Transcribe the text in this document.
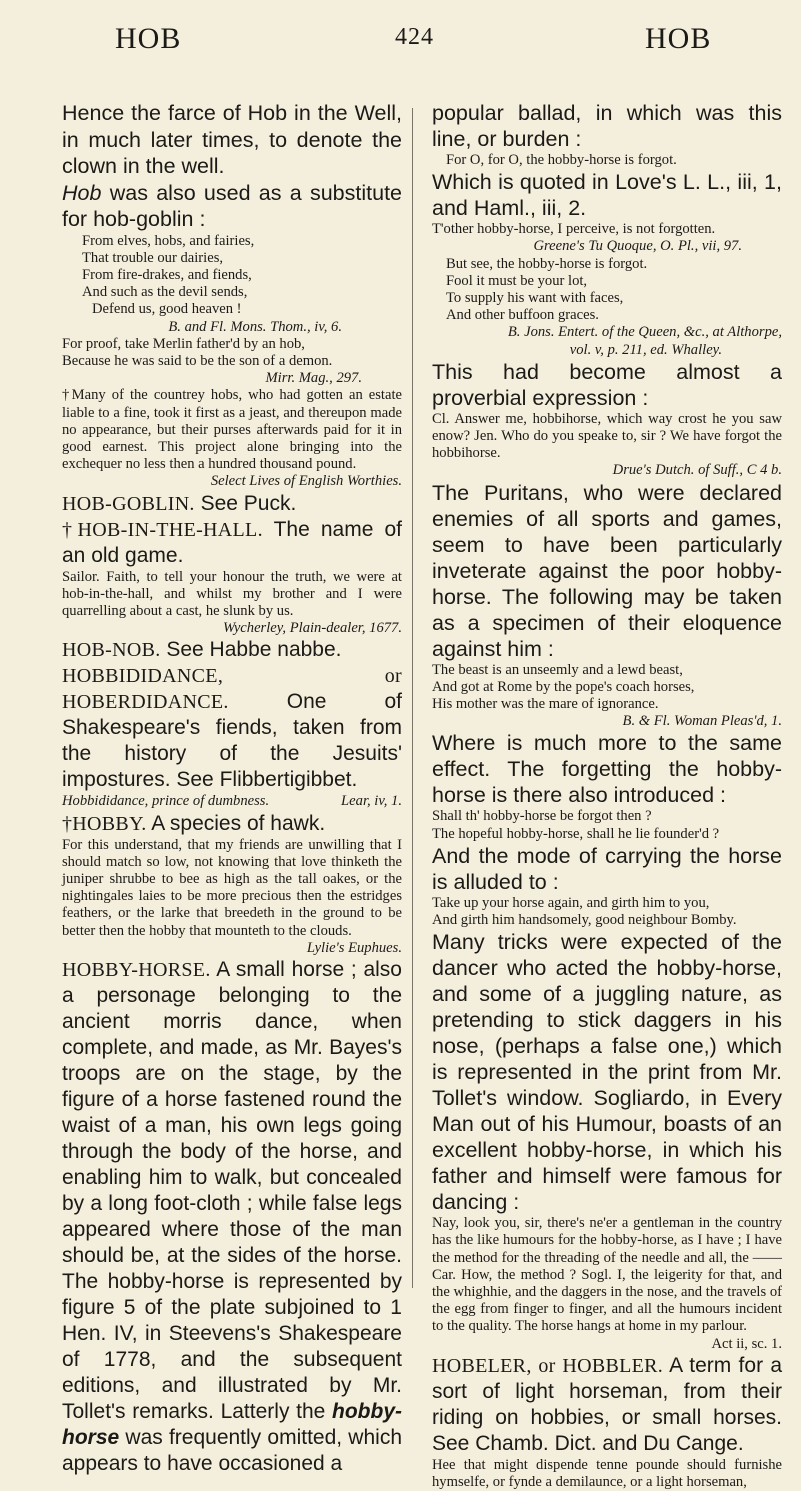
HOB	424	HOB

Hence the farce of Hob in the Well, in much later times, to denote the clown in the well.

Hob was also used as a substitute for hob-goblin :

From elves, hobs, and fairies,
That trouble our dairies,
From fire-drakes, and fiends,
And such as the devil sends,
Defend us, good heaven !
B. and Fl. Mons. Thom., iv, 6.
For proof, take Merlin father'd by an hob,
Because he was said to be the son of a demon.
Mirr. Mag., 297.

†Many of the countrey hobs, who had gotten an estate liable to a fine, took it first as a jeast, and thereupon made no appearance, but their purses afterwards paid for it in good earnest. This project alone bringing into the exchequer no less then a hundred thousand pound.

Select Lives of English Worthies.

HOB-GOBLIN. See Puck.

†HOB-IN-THE-HALL. The name of an old game.

Sailor. Faith, to tell your honour the truth, we were at hob-in-the-hall, and whilst my brother and I were quarrelling about a cast, he slunk by us.

Wycherley, Plain-dealer, 1677.

HOB-NOB. See Habbe nabbe.

HOBBIDIDANCE, or HOBERDIDANCE. One of Shakespeare's fiends, taken from the history of the Jesuits' impostures. See Flibbertigibbet.

Hobbididance, prince of dumbness.	Lear, iv, 1.

†HOBBY. A species of hawk.

For this understand, that my friends are unwilling that I should match so low, not knowing that love thinketh the juniper shrubbe to bee as high as the tall oakes, or the nightingales laies to be more precious then the estridges feathers, or the larke that breedeth in the ground to be better then the hobby that mounteth to the clouds.

Lylie's Euphues.

HOBBY-HORSE. A small horse ; also a personage belonging to the ancient morris dance, when complete, and made, as Mr. Bayes's troops are on the stage, by the figure of a horse fastened round the waist of a man, his own legs going through the body of the horse, and enabling him to walk, but concealed by a long foot-cloth ; while false legs appeared where those of the man should be, at the sides of the horse. The hobby-horse is represented by figure 5 of the plate subjoined to 1 Hen. IV, in Steevens's Shakespeare of 1778, and the subsequent editions, and illustrated by Mr. Tollet's remarks. Latterly the hobby-horse was frequently omitted, which appears to have occasioned a

popular ballad, in which was this line, or burden :

For O, for O, the hobby-horse is forgot.

Which is quoted in Love's L. L., iii, 1, and Haml., iii, 2.

T'other hobby-horse, I perceive, is not forgotten.

Greene's Tu Quoque, O. Pl., vii, 97.
But see, the hobby-horse is forgot.
Fool it must be your lot,
To supply his want with faces,
And other buffoon graces.
B. Jons. Entert. of the Queen, &c., at Althorpe,
vol. v, p. 211, ed. Whalley.

This had become almost a proverbial expression :

Cl. Answer me, hobbihorse, which way crost he you saw enow? Jen. Who do you speake to, sir ? We have forgot the hobbihorse.

Drue's Dutch. of Suff., C 4 b.

The Puritans, who were declared enemies of all sports and games, seem to have been particularly inveterate against the poor hobby-horse. The following may be taken as a specimen of their eloquence against him :

The beast is an unseemly and a lewd beast,
And got at Rome by the pope's coach horses,
His mother was the mare of ignorance.
B. & Fl. Woman Pleas'd, 1.

Where is much more to the same effect. The forgetting the hobby-horse is there also introduced :

Shall th' hobby-horse be forgot then ?
The hopeful hobby-horse, shall he lie founder'd ?

And the mode of carrying the horse is alluded to :

Take up your horse again, and girth him to you,
And girth him handsomely, good neighbour Bomby.

Many tricks were expected of the dancer who acted the hobby-horse, and some of a juggling nature, as pretending to stick daggers in his nose, (perhaps a false one,) which is represented in the print from Mr. Tollet's window. Sogliardo, in Every Man out of his Humour, boasts of an excellent hobby-horse, in which his father and himself were famous for dancing :

Nay, look you, sir, there's ne'er a gentleman in the country has the like humours for the hobby-horse, as I have ; I have the method for the threading of the needle and all, the —— Car. How, the method ? Sogl. I, the leigerity for that, and the whighhie, and the daggers in the nose, and the travels of the egg from finger to finger, and all the humours incident to the quality. The horse hangs at home in my parlour.

Act ii, sc. 1.

HOBELER, or HOBBLER. A term for a sort of light horseman, from their riding on hobbies, or small horses. See Chamb. Dict. and Du Cange.

Hee that might dispende tenne pounde should furnishe hymselfe, or fynde a demilaunce, or a light horseman,
